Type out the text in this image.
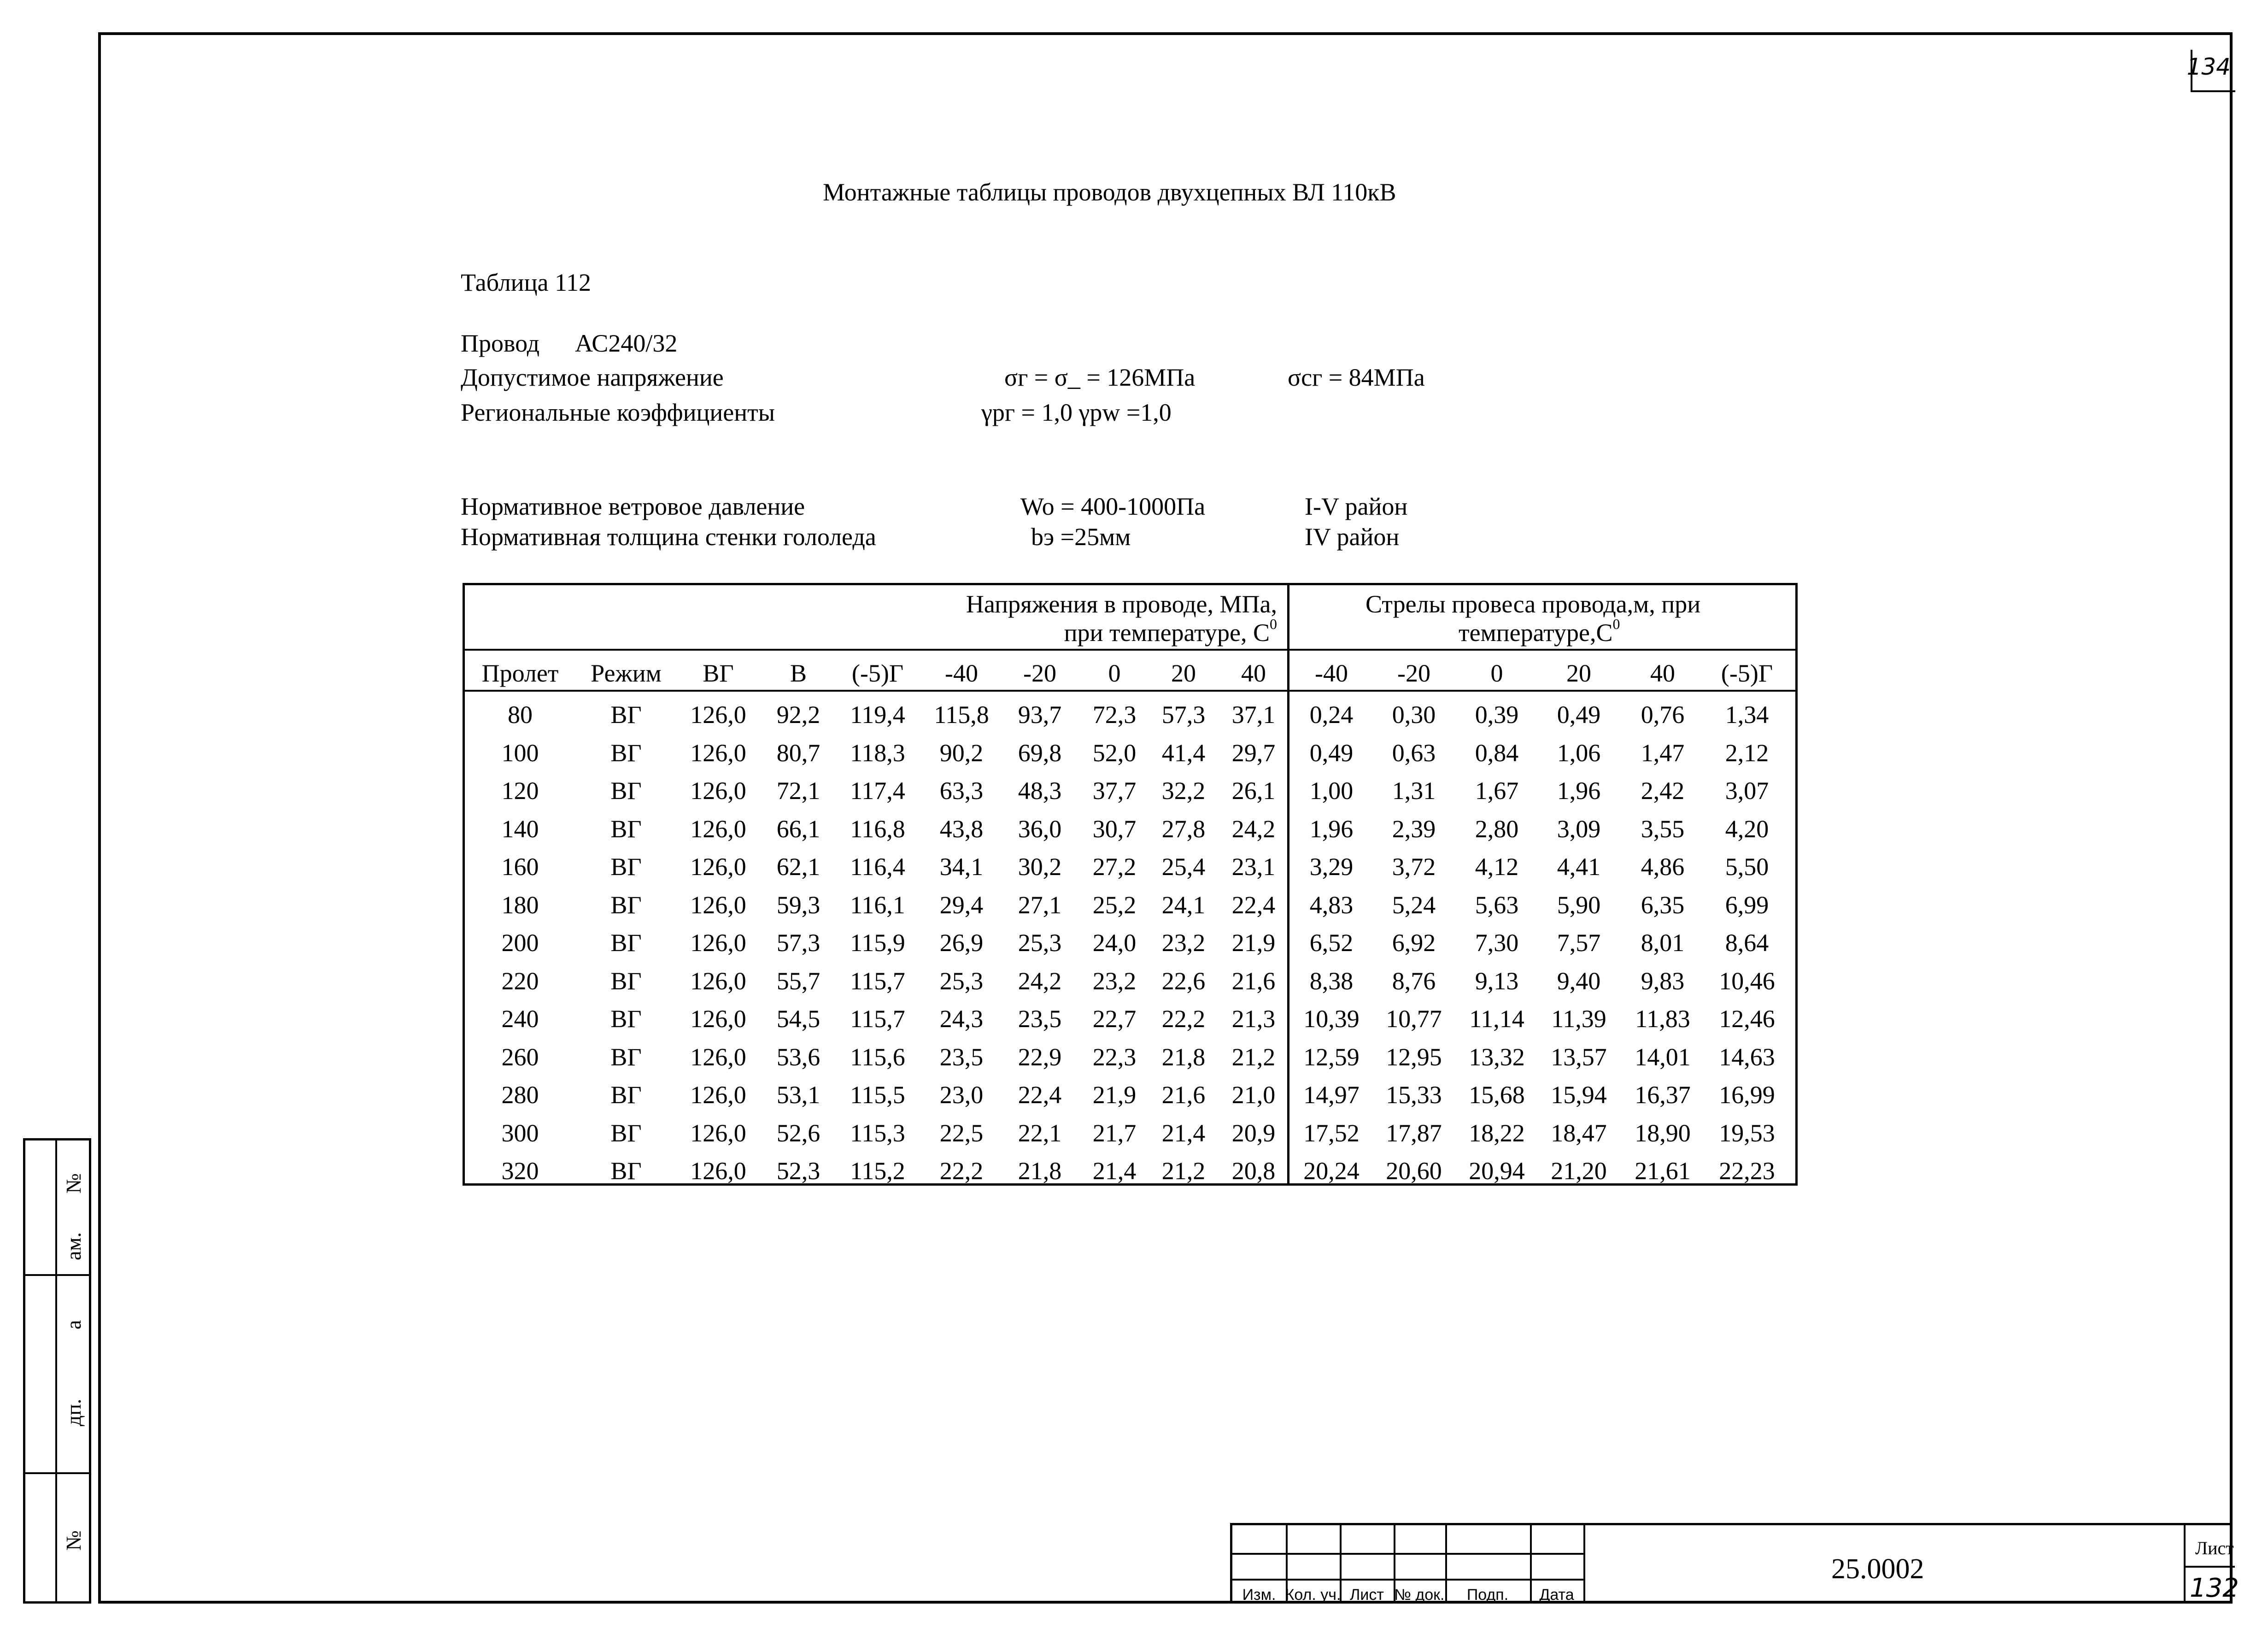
134
Монтажные таблицы проводов двухцепных ВЛ 110кВ
Таблица 112
Провод АС240/32
Допустимое напряжение	σг = σ_ = 126МПа	σсг = 84МПа
Региональные коэффициенты	γрг = 1,0 γpw =1,0
Нормативное ветровое давление	Wo = 400-1000Па	I-V район
Нормативная толщина стенки гололеда	bэ =25мм	IV район
Напряжения в проводе, МПа,
при температуре, $С^0$
Стрелы провеса провода,м, при
$температуре,С^0$
Пролет Режим ВГ В (-5)Г -40 -20 0 20 40 -40 -20 0	20 40 (-5)Г
80	ВГ 126,0 92,2 119,4 115,8 93,7 72,3 57,3 37,1 0,24 0,30 0,39 0,49 0,76 1,34
100	ВГ 126,0 80,7 118,3 90,2 69,8 52,0 41,4 29,7 0,49 0,63 0,84 1,06 1,47 2,12
120	ВГ 126,0 72,1 117,4 63,3 48,3 37,7 32,2 26,1 1,00 1,31 1,67 1,96 2,42 3,07
140	ВГ 126,0 66,1 116,8 43,8 36,0 30,7 27,8 24,2 1,96 2,39 2,80 3,09 3,55 4,20
160	ВГ 126,0 62,1 116,4 34,1 30,2 27,2 25,4 23,1 3,29 3,72 4,12 4,41 4,86 5,50
180	ВГ 126,0 59,3 116,1 29,4 27,1 25,2 24,1 22,4 4,83 5,24 5,63 5,90 6,35 6,99
200	ВГ 126,0 57,3 115,9 26,9 25,3 24,0 23,2 21,9 6,52 6,92 7,30 7,57 8,01 8,64
220	ВГ 126,0 55,7 115,7 25,3 24,2 23,2 22,6 21,6 8,38 8,76 9,13 9,40 9,83 10,46
240	ВГ 126,0 54,5 115,7 24,3 23,5 22,7 22,2 21,3 10,39 10,77 11,14 11,39 11,83 12,46
260	ВГ 126,0 53,6 115,6 23,5 22,9 22,3 21,8 21,2 12,59 12,95 13,32 13,57 14,01 14,63
280	ВГ 126,0 53,1 115,5 23,0 22,4 21,9 21,6 21,0 14,97 15,33 15,68 15,94 16,37 16,99
300	ВГ 126,0 52,6 115,3 22,5 22,1 21,7 21,4 20,9 17,52 17,87 18,22 18,47 18,90 19,53
320	ВГ 126,0 52,3 115,2 22,2 21,8 21,4 21,2 20,8 20,24 20,60 20,94 21,20 21,61 22,23
№
ам.
а
дп.
№
Изм. Кол. уч. Лист № док. Подп. Дата
25.0002
Лист
132
